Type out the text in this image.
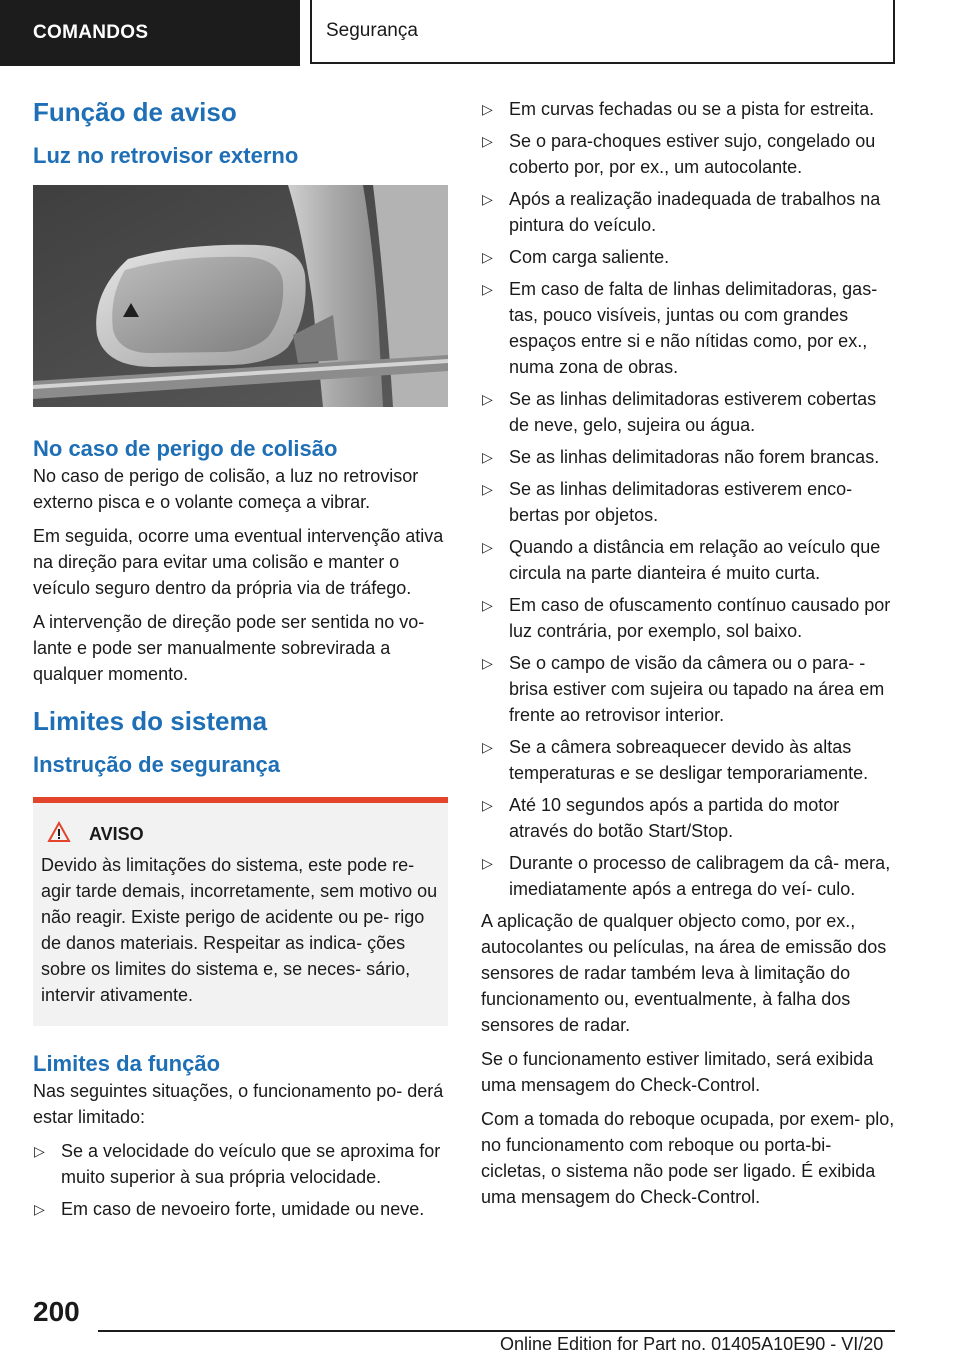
COMANDOS	Segurança
Função de aviso
Luz no retrovisor externo
No caso de perigo de colisão

No caso de perigo de colisão, a luz no retrovisor externo pisca e o volante começa a vibrar.

Em seguida, ocorre uma eventual intervenção ativa na direção para evitar uma colisão e manter o veículo seguro dentro da própria via de tráfego.

A intervenção de direção pode ser sentida no vo- lante e pode ser manualmente sobrevirada a qualquer momento.

Limites do sistema
Instrução de segurança
AVISO

Devido às limitações do sistema, este pode re- agir tarde demais, incorretamente, sem motivo ou não reagir. Existe perigo de acidente ou pe- rigo de danos materiais. Respeitar as indica- ções sobre os limites do sistema e, se neces- sário, intervir ativamente.

Limites da função

Nas seguintes situações, o funcionamento po- derá estar limitado:

▷ Se a velocidade do veículo que se aproxima for muito superior à sua própria velocidade.
▷ Em caso de nevoeiro forte, umidade ou neve.
▷ Em curvas fechadas ou se a pista for estreita.
▷ Se o para-choques estiver sujo, congelado ou coberto por, por ex., um autocolante.
▷ Após a realização inadequada de trabalhos na pintura do veículo.
▷ Com carga saliente.
▷ Em caso de falta de linhas delimitadoras, gas- tas, pouco visíveis, juntas ou com grandes espaços entre si e não nítidas como, por ex., numa zona de obras.
▷ Se as linhas delimitadoras estiverem cobertas de neve, gelo, sujeira ou água.
▷ Se as linhas delimitadoras não forem brancas.
▷ Se as linhas delimitadoras estiverem enco- bertas por objetos.
▷ Quando a distância em relação ao veículo que circula na parte dianteira é muito curta.
▷ Em caso de ofuscamento contínuo causado por luz contrária, por exemplo, sol baixo.
▷ Se o campo de visão da câmera ou o para- -brisa estiver com sujeira ou tapado na área em frente ao retrovisor interior.
▷ Se a câmera sobreaquecer devido às altas temperaturas e se desligar temporariamente.
▷ Até 10 segundos após a partida do motor através do botão Start/Stop.
▷ Durante o processo de calibragem da câ- mera, imediatamente após a entrega do veí- culo.

A aplicação de qualquer objecto como, por ex., autocolantes ou películas, na área de emissão dos sensores de radar também leva à limitação do funcionamento ou, eventualmente, à falha dos sensores de radar.

Se o funcionamento estiver limitado, será exibida uma mensagem do Check-Control.

Com a tomada do reboque ocupada, por exem- plo, no funcionamento com reboque ou porta-bi- cicletas, o sistema não pode ser ligado. É exibida uma mensagem do Check-Control.

200
Online Edition for Part no. 01405A10E90 - VI/20
